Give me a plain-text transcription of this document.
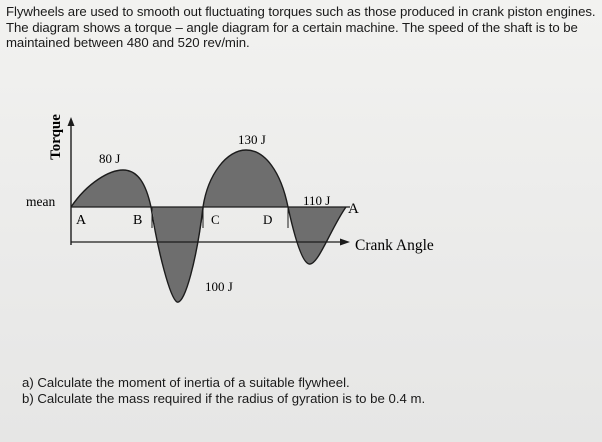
Flywheels are used to smooth out fluctuating torques such as those produced in crank piston engines. The diagram shows a torque – angle diagram for a certain machine. The speed of the shaft is to be maintained between 480 and 520 rev/min.
Torque
mean
Crank Angle
A	B	C	D
A
80 J
130 J
100 J
110 J
a) Calculate the moment of inertia of a suitable flywheel.
b) Calculate the mass required if the radius of gyration is to be 0.4 m.
